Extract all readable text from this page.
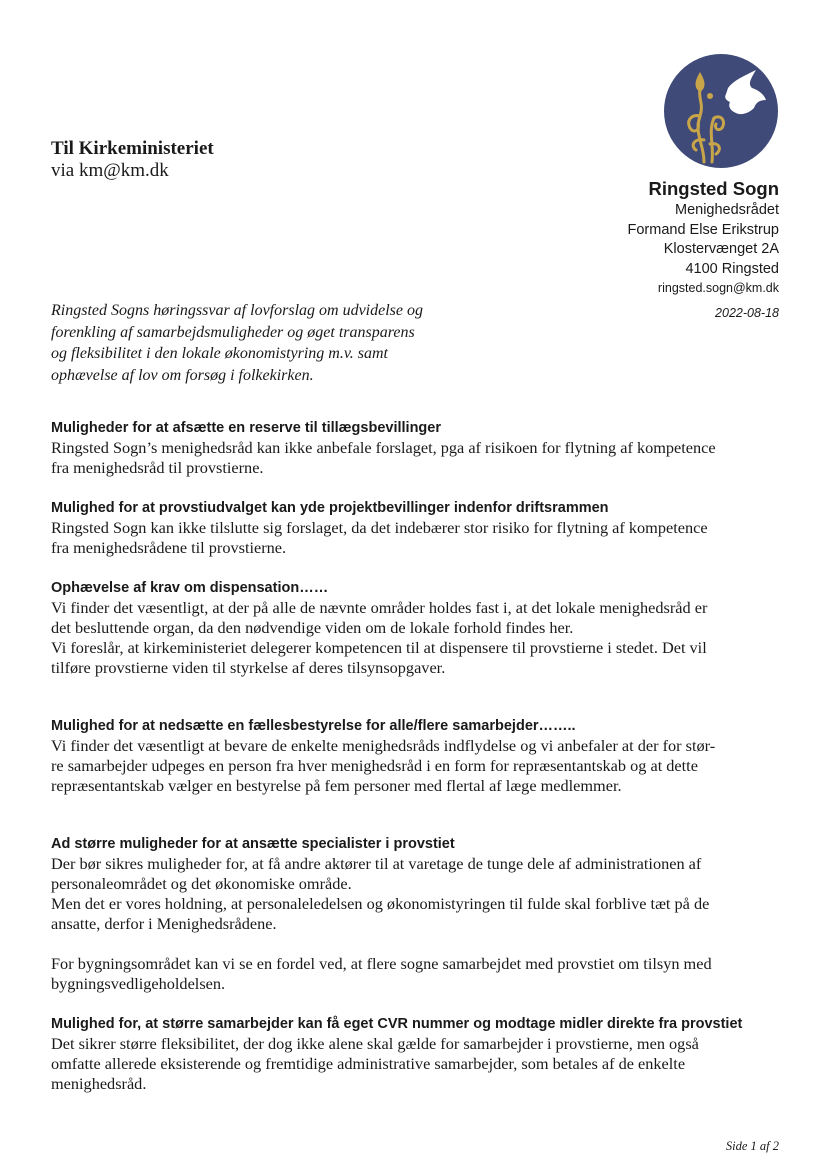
Til Kirkeministeriet
via km@km.dk
Ringsted Sogn
Menighedsrådet
Formand Else Erikstrup
Klostervænget 2A
4100 Ringsted
ringsted.sogn@km.dk
2022-08-18
Ringsted Sogns høringssvar af lovforslag om udvidelse og
forenkling af samarbejdsmuligheder og øget transparens
og fleksibilitet i den lokale økonomistyring m.v. samt
ophævelse af lov om forsøg i folkekirken.
Muligheder for at afsætte en reserve til tillægsbevillinger

Ringsted Sogn’s menighedsråd kan ikke anbefale forslaget, pga af risikoen for flytning af kompetence

fra menighedsråd til provstierne.

Mulighed for at provstiudvalget kan yde projektbevillinger indenfor driftsrammen

Ringsted Sogn kan ikke tilslutte sig forslaget, da det indebærer stor risiko for flytning af kompetence

fra menighedsrådene til provstierne.

Ophævelse af krav om dispensation……

Vi finder det væsentligt, at der på alle de nævnte områder holdes fast i, at det lokale menighedsråd er

det besluttende organ, da den nødvendige viden om de lokale forhold findes her.

Vi foreslår, at kirkeministeriet delegerer kompetencen til at dispensere til provstierne i stedet. Det vil

tilføre provstierne viden til styrkelse af deres tilsynsopgaver.

Mulighed for at nedsætte en fællesbestyrelse for alle/flere samarbejder……..

Vi finder det væsentligt at bevare de enkelte menighedsråds indflydelse og vi anbefaler at der for stør-

re samarbejder udpeges en person fra hver menighedsråd i en form for repræsentantskab og at dette

repræsentantskab vælger en bestyrelse på fem personer med flertal af læge medlemmer.

Ad større muligheder for at ansætte specialister i provstiet

Der bør sikres muligheder for, at få andre aktører til at varetage de tunge dele af administrationen af

personaleområdet og det økonomiske område.

Men det er vores holdning, at personaleledelsen og økonomistyringen til fulde skal forblive tæt på de

ansatte, derfor i Menighedsrådene.

For bygningsområdet kan vi se en fordel ved, at flere sogne samarbejdet med provstiet om tilsyn med

bygningsvedligeholdelsen.

Mulighed for, at større samarbejder kan få eget CVR nummer og modtage midler direkte fra provstiet

Det sikrer større fleksibilitet, der dog ikke alene skal gælde for samarbejder i provstierne, men også

omfatte allerede eksisterende og fremtidige administrative samarbejder, som betales af de enkelte

menighedsråd.

Side 1 af 2
